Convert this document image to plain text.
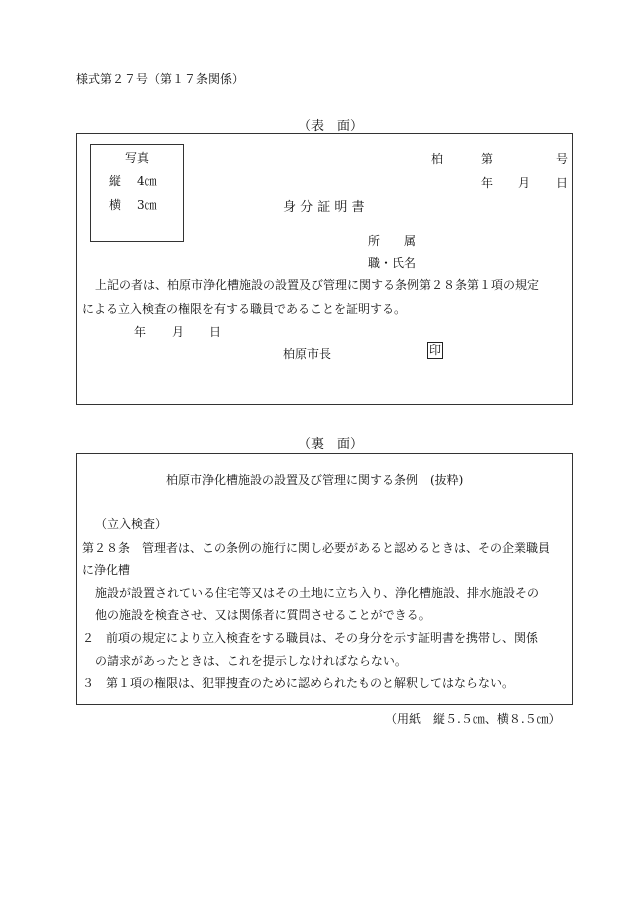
様式第２７号（第１７条関係）
（表　面）
写真
縦 4㎝
横 3㎝
柏	第	号
年 月 日
身 分 証 明 書
所　　属
職・氏名
上記の者は、柏原市浄化槽施設の設置及び管理に関する条例第２８条第１項の規定
による立入検査の権限を有する職員であることを証明する。
年 月 日
柏原市長	印
（裏　面）
柏原市浄化槽施設の設置及び管理に関する条例　(抜粋)
（立入検査）
第２８条　管理者は、この条例の施行に関し必要があると認めるときは、その企業職員
に浄化槽
施設が設置されている住宅等又はその土地に立ち入り、浄化槽施設、排水施設その
他の施設を検査させ、又は関係者に質問させることができる。
２　前項の規定により立入検査をする職員は、その身分を示す証明書を携帯し、関係
の請求があったときは、これを提示しなければならない。
３　第１項の権限は、犯罪捜査のために認められたものと解釈してはならない。
（用紙　縦５.５㎝、横８.５㎝）
